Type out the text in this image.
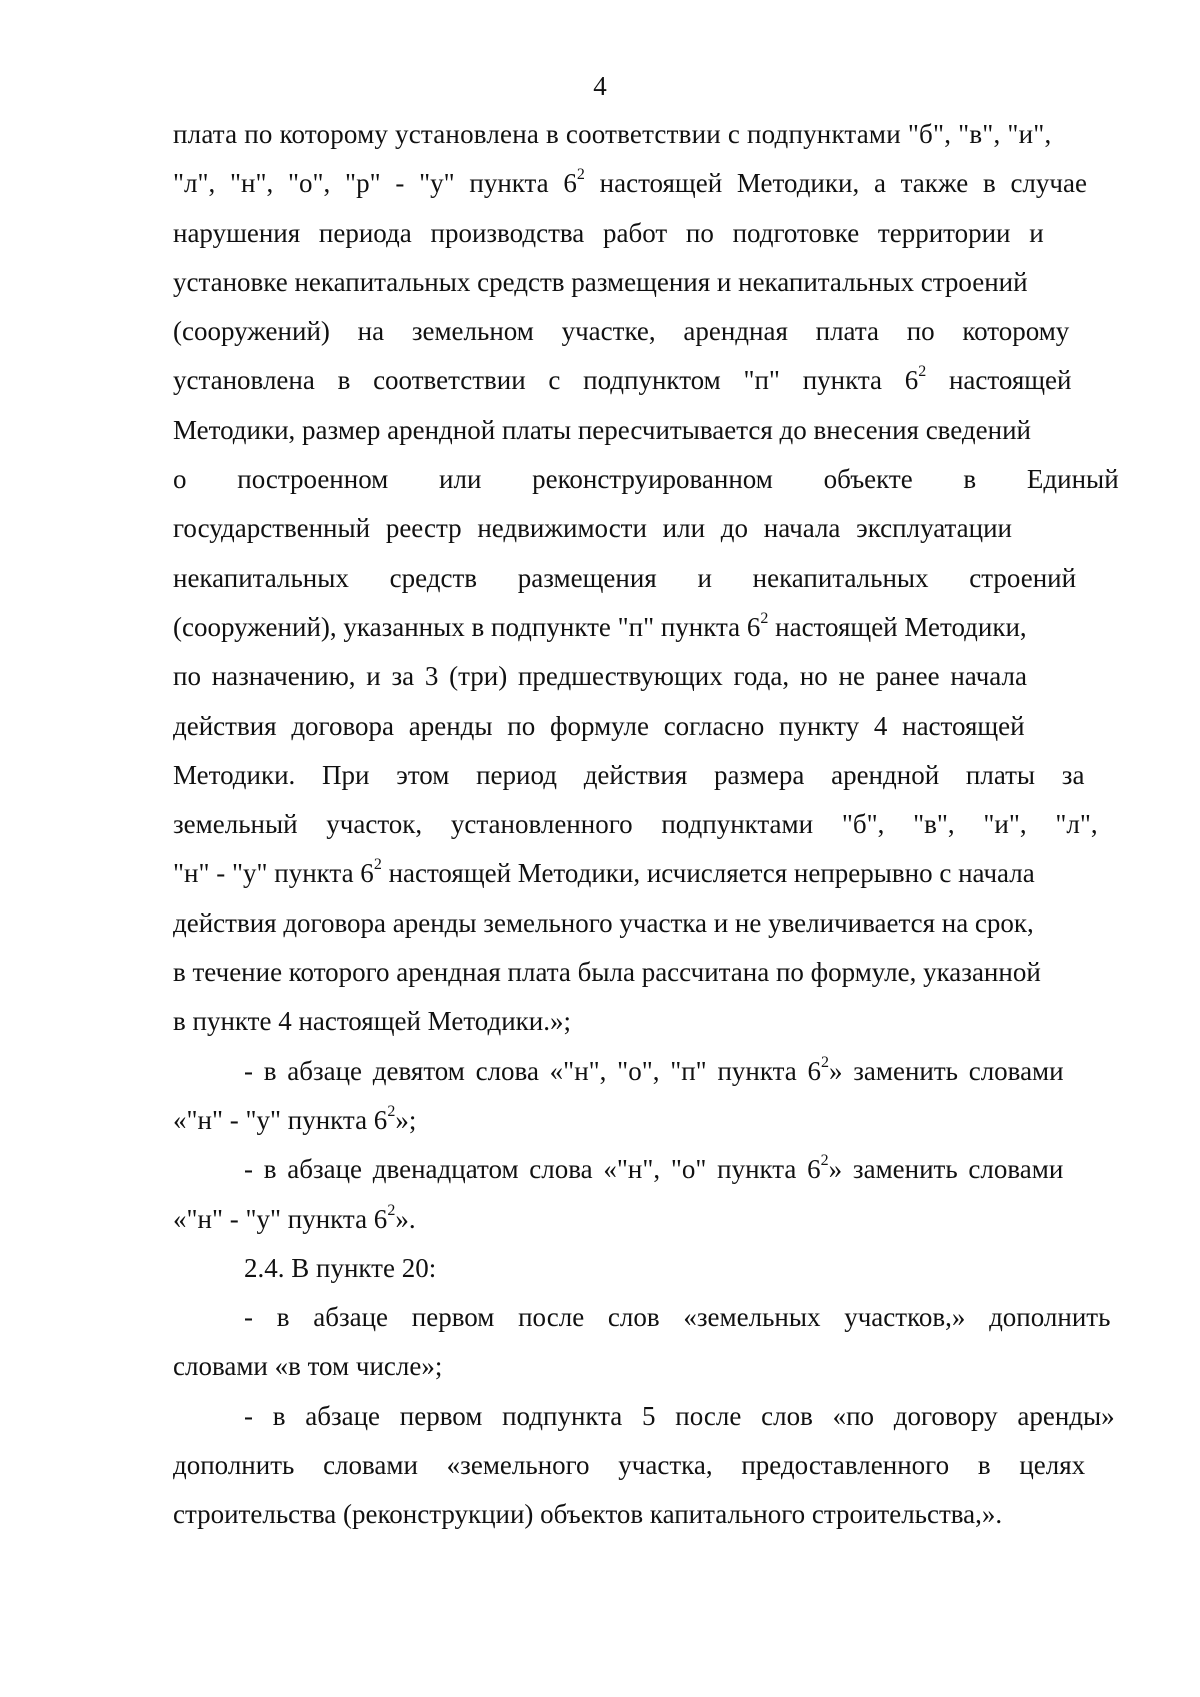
4
плата по которому установлена в соответствии с подпунктами "б", "в", "и",
"л", "н", "о", "р" - "у" пункта $6^2$ настоящей Методики, а также в случае
нарушения периода производства работ по подготовке территории и
установке некапитальных средств размещения и некапитальных строений
(сооружений) на земельном участке, арендная плата по которому
установлена в соответствии с подпунктом "п" пункта $6^2$ настоящей
Методики, размер арендной платы пересчитывается до внесения сведений
о построенном или реконструированном объекте в Единый
государственный реестр недвижимости или до начала эксплуатации
некапитальных средств размещения и некапитальных строений
(сооружений), указанных в подпункте "п" пункта $6^2$ настоящей Методики,
по назначению, и за 3 (три) предшествующих года, но не ранее начала
действия договора аренды по формуле согласно пункту 4 настоящей
Методики. При этом период действия размера арендной платы за
земельный участок, установленного подпунктами "б", "в", "и", "л",
"н" - "у" пункта $6^2$ настоящей Методики, исчисляется непрерывно с начала
действия договора аренды земельного участка и не увеличивается на срок,
в течение которого арендная плата была рассчитана по формуле, указанной
в пункте 4 настоящей Методики.»;
- в абзаце девятом слова «"н", "о", "п" пункта $6^2$» заменить словами
«"н" - "у" пункта $6^2$»;
- в абзаце двенадцатом слова «"н", "о" пункта $6^2$» заменить словами
«"н" - "у" пункта $6^2$».
2.4. В пункте 20:
- в абзаце первом после слов «земельных участков,» дополнить
словами «в том числе»;
- в абзаце первом подпункта 5 после слов «по договору аренды»
дополнить словами «земельного участка, предоставленного в целях
строительства (реконструкции) объектов капитального строительства,».
